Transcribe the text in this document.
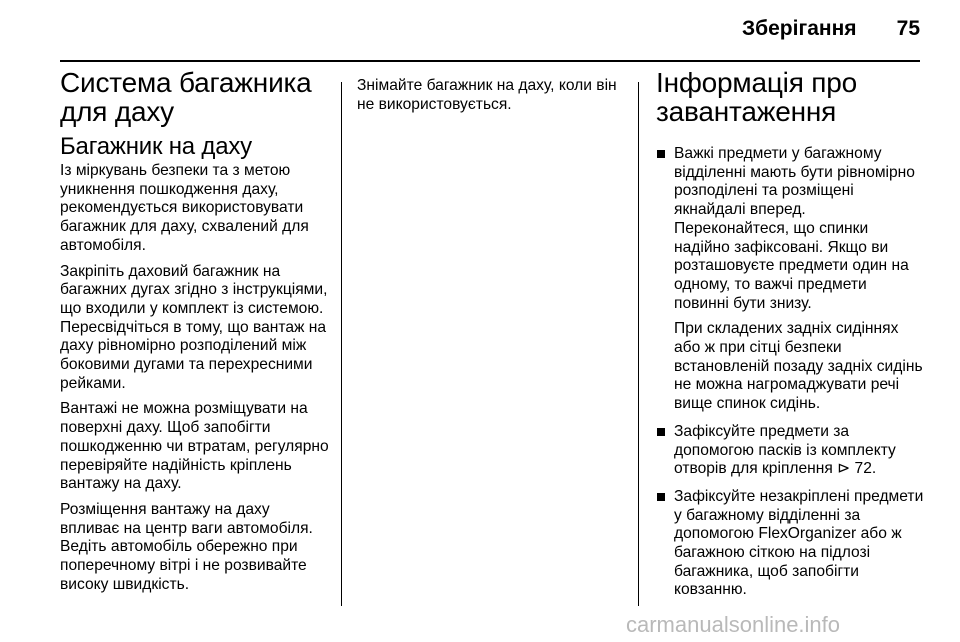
Зберігання	75
Система багажника для даху
Багажник на даху

Із міркувань безпеки та з метою уникнення пошкодження даху, рекомендується використовувати багажник для даху, схвалений для автомобіля.

Закріпіть даховий багажник на багажних дугах згідно з інструкціями, що входили у комплект із системою. Пересвідчіться в тому, що вантаж на даху рівномірно розподілений між боковими дугами та перехресними рейками.

Вантажі не можна розміщувати на поверхні даху. Щоб запобігти пошкодженню чи втратам, регулярно перевіряйте надійність кріплень вантажу на даху.

Розміщення вантажу на даху впливає на центр ваги автомобіля. Ведіть автомобіль обережно при поперечному вітрі і не розвивайте високу швидкість.

Знімайте багажник на даху, коли він не використовується.

Інформація про завантаження

Важкі предмети у багажному відділенні мають бути рівномірно розподілені та розміщені якнайдалі вперед. Переконайтеся, що спинки надійно зафіксовані. Якщо ви розташовуєте предмети один на одному, то важчі предмети повинні бути знизу.

При складених задніх сидіннях або ж при сітці безпеки встановленій позаду задніх сидінь не можна нагромаджувати речі вище спинок сидінь.

Зафіксуйте предмети за допомогою пасків із комплекту отворів для кріплення ⊳ 72.

Зафіксуйте незакріплені предмети у багажному відділенні за допомогою FlexOrganizer або ж багажною сіткою на підлозі багажника, щоб запобігти ковзанню.

carmanualsonline.info
